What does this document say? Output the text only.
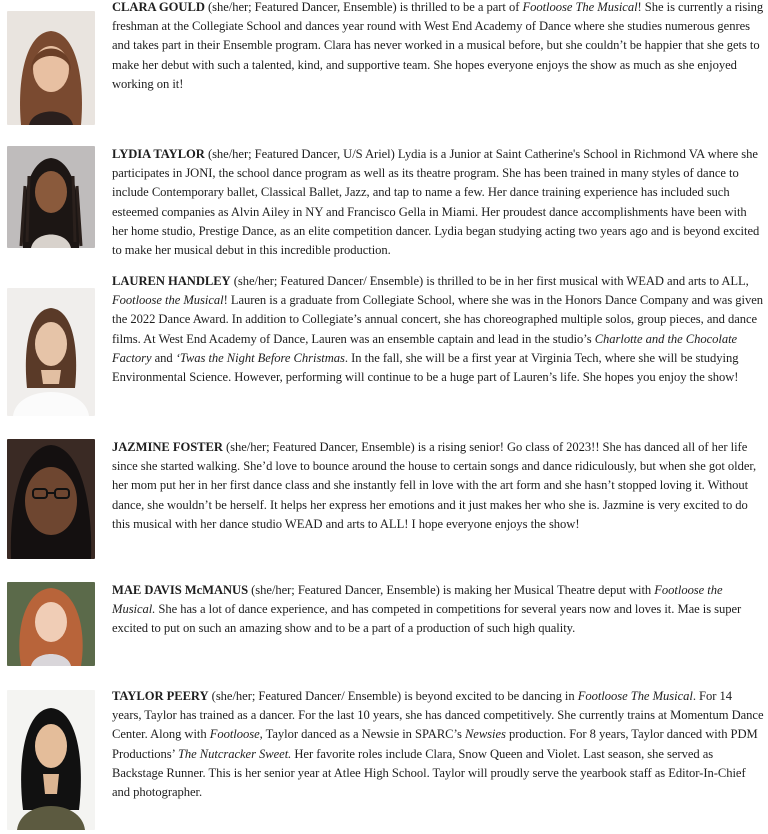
CLARA GOULD (she/her; Featured Dancer, Ensemble) is thrilled to be a part of Footloose The Musical! She is currently a rising freshman at the Collegiate School and dances year round with West End Academy of Dance where she studies numerous genres and takes part in their Ensemble program. Clara has never worked in a musical before, but she couldn’t be happier that she gets to make her debut with such a talented, kind, and supportive team. She hopes everyone enjoys the show as much as she enjoyed working on it!
LYDIA TAYLOR (she/her; Featured Dancer, U/S Ariel) Lydia is a Junior at Saint Catherine's School in Richmond VA where she participates in JONI, the school dance program as well as its theatre program. She has been trained in many styles of dance to include Contemporary ballet, Classical Ballet, Jazz, and tap to name a few. Her dance training experience has included such esteemed companies as Alvin Ailey in NY and Francisco Gella in Miami. Her proudest dance accomplishments have been with her home studio, Prestige Dance, as an elite competition dancer. Lydia began studying acting two years ago and is beyond excited to make her musical debut in this incredible production.
LAUREN HANDLEY (she/her; Featured Dancer/ Ensemble) is thrilled to be in her first musical with WEAD and arts to ALL, Footloose the Musical! Lauren is a graduate from Collegiate School, where she was in the Honors Dance Company and was given the 2022 Dance Award. In addition to Collegiate’s annual concert, she has choreographed multiple solos, group pieces, and dance films. At West End Academy of Dance, Lauren was an ensemble captain and lead in the studio’s Charlotte and the Chocolate Factory and ‘Twas the Night Before Christmas. In the fall, she will be a first year at Virginia Tech, where she will be studying Environmental Science. However, performing will continue to be a huge part of Lauren’s life. She hopes you enjoy the show!
JAZMINE FOSTER (she/her; Featured Dancer, Ensemble) is a rising senior! Go class of 2023!! She has danced all of her life since she started walking. She’d love to bounce around the house to certain songs and dance ridiculously, but when she got older, her mom put her in her first dance class and she instantly fell in love with the art form and she hasn’t stopped loving it. Without dance, she wouldn’t be herself. It helps her express her emotions and it just makes her who she is. Jazmine is very excited to do this musical with her dance studio WEAD and arts to ALL! I hope everyone enjoys the show!
MAE DAVIS McMANUS (she/her; Featured Dancer, Ensemble) is making her Musical Theatre deput with Footloose the Musical. She has a lot of dance experience, and has competed in competitions for several years now and loves it. Mae is super excited to put on such an amazing show and to be a part of a production of such high quality.
TAYLOR PEERY (she/her; Featured Dancer/ Ensemble) is beyond excited to be dancing in Footloose The Musical. For 14 years, Taylor has trained as a dancer. For the last 10 years, she has danced competitively. She currently trains at Momentum Dance Center. Along with Footloose, Taylor danced as a Newsie in SPARC’s Newsies production. For 8 years, Taylor danced with PDM Productions’ The Nutcracker Sweet. Her favorite roles include Clara, Snow Queen and Violet. Last season, she served as Backstage Runner. This is her senior year at Atlee High School. Taylor will proudly serve the yearbook staff as Editor-In-Chief and photographer.
